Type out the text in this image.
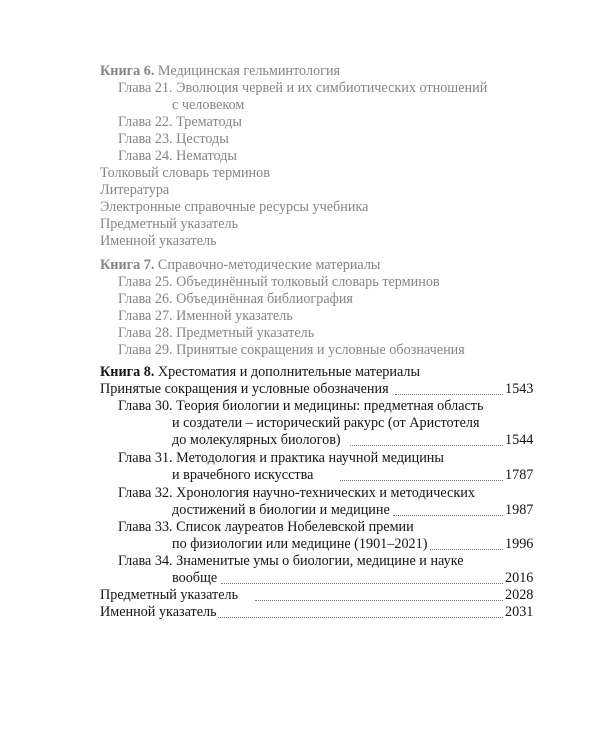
Книга 6. Медицинская гельминтология
Глава 21. Эволюция червей и их симбиотических отношений
с человеком
Глава 22. Трематоды
Глава 23. Цестоды
Глава 24. Нематоды
Толковый словарь терминов
Литература
Электронные справочные ресурсы учебника
Предметный указатель
Именной указатель
Книга 7. Справочно-методические материалы
Глава 25. Объединённый толковый словарь терминов
Глава 26. Объединённая библиография
Глава 27. Именной указатель
Глава 28. Предметный указатель
Глава 29. Принятые сокращения и условные обозначения
Книга 8. Хрестоматия и дополнительные материалы
Принятые сокращения и условные обозначения	1543
Глава 30. Теория биологии и медицины: предметная область
и создатели – исторический ракурс (от Аристотеля
до молекулярных биологов)	1544
Глава 31. Методология и практика научной медицины
и врачебного искусства	1787
Глава 32. Хронология научно-технических и методических
достижений в биологии и медицине	1987
Глава 33. Список лауреатов Нобелевской премии
по физиологии или медицине (1901–2021)	1996
Глава 34. Знаменитые умы о биологии, медицине и науке
вообще	2016
Предметный указатель	2028
Именной указатель	2031
